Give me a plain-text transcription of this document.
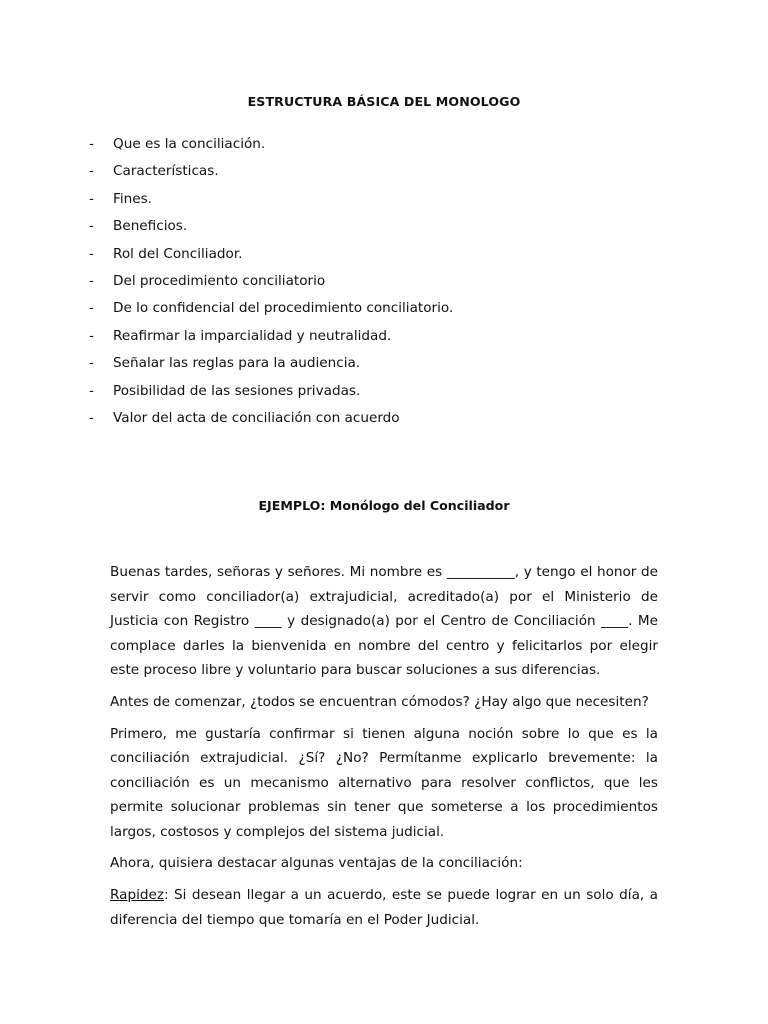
ESTRUCTURA BÁSICA DEL MONOLOGO
- Que es la conciliación.
- Características.
- Fines.
- Beneficios.
- Rol del Conciliador.
- Del procedimiento conciliatorio
- De lo confidencial del procedimiento conciliatorio.
- Reafirmar la imparcialidad y neutralidad.
- Señalar las reglas para la audiencia.
- Posibilidad de las sesiones privadas.
- Valor del acta de conciliación con acuerdo
EJEMPLO: Monólogo del Conciliador

Buenas tardes, señoras y señores. Mi nombre es __________, y tengo el honor de servir como conciliador(a) extrajudicial, acreditado(a) por el Ministerio de Justicia con Registro ____ y designado(a) por el Centro de Conciliación ____. Me complace darles la bienvenida en nombre del centro y felicitarlos por elegir este proceso libre y voluntario para buscar soluciones a sus diferencias.

Antes de comenzar, ¿todos se encuentran cómodos? ¿Hay algo que necesiten?

Primero, me gustaría confirmar si tienen alguna noción sobre lo que es la conciliación extrajudicial. ¿Sí? ¿No? Permítanme explicarlo brevemente: la conciliación es un mecanismo alternativo para resolver conflictos, que les permite solucionar problemas sin tener que someterse a los procedimientos largos, costosos y complejos del sistema judicial.

Ahora, quisiera destacar algunas ventajas de la conciliación:

Rapidez: Si desean llegar a un acuerdo, este se puede lograr en un solo día, a diferencia del tiempo que tomaría en el Poder Judicial.
